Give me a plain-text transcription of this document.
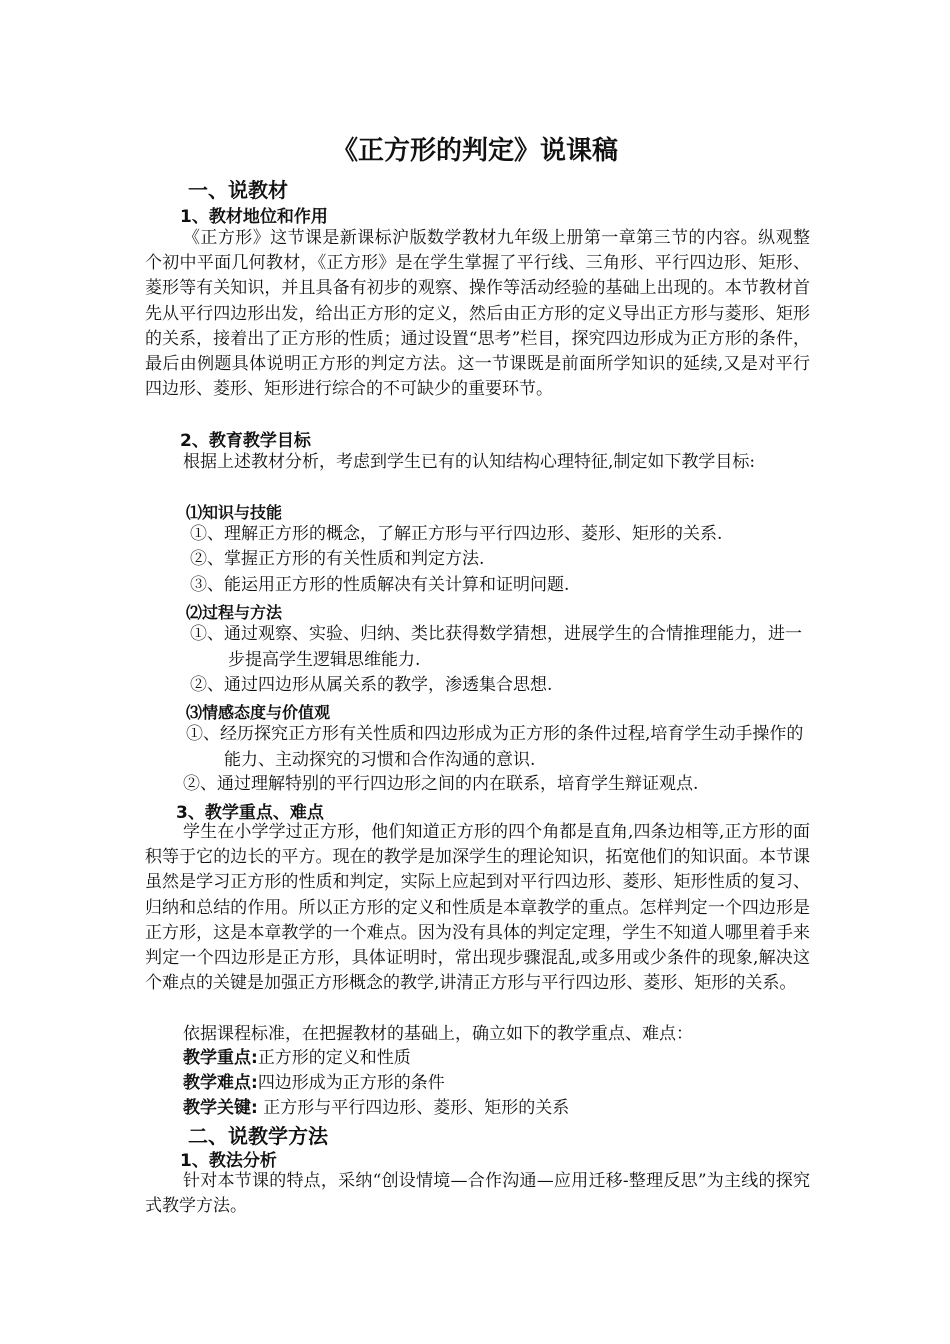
《正方形的判定》说课稿
一、说教材
1、教材地位和作用
《正方形》这节课是新课标沪版数学教材九年级上册第一章第三节的内容。纵观整个初中平面几何教材，《正方形》是在学生掌握了平行线、三角形、平行四边形、矩形、菱形等有关知识，并且具备有初步的观察、操作等活动经验的基础上出现的。本节教材首先从平行四边形出发，给出正方形的定义，然后由正方形的定义导出正方形与菱形、矩形的关系，接着出了正方形的性质；通过设置“思考”栏目，探究四边形成为正方形的条件，最后由例题具体说明正方形的判定方法。这一节课既是前面所学知识的延续,又是对平行四边形、菱形、矩形进行综合的不可缺少的重要环节。
2、教育教学目标
根据上述教材分析，考虑到学生已有的认知结构心理特征,制定如下教学目标:
⑴知识与技能
①、理解正方形的概念，了解正方形与平行四边形、菱形、矩形的关系.
②、掌握正方形的有关性质和判定方法.
③、能运用正方形的性质解决有关计算和证明问题.
⑵过程与方法
①、通过观察、实验、归纳、类比获得数学猜想，进展学生的合情推理能力，进一步提高学生逻辑思维能力.
②、通过四边形从属关系的教学，渗透集合思想.
⑶情感态度与价值观
①、经历探究正方形有关性质和四边形成为正方形的条件过程,培育学生动手操作的能力、主动探究的习惯和合作沟通的意识.
②、通过理解特别的平行四边形之间的内在联系，培育学生辩证观点.
3、教学重点、难点
学生在小学学过正方形，他们知道正方形的四个角都是直角,四条边相等,正方形的面积等于它的边长的平方。现在的教学是加深学生的理论知识，拓宽他们的知识面。本节课虽然是学习正方形的性质和判定，实际上应起到对平行四边形、菱形、矩形性质的复习、归纳和总结的作用。所以正方形的定义和性质是本章教学的重点。怎样判定一个四边形是正方形，这是本章教学的一个难点。因为没有具体的判定定理，学生不知道人哪里着手来判定一个四边形是正方形，具体证明时，常出现步骤混乱,或多用或少条件的现象,解决这个难点的关键是加强正方形概念的教学,讲清正方形与平行四边形、菱形、矩形的关系。
依据课程标准，在把握教材的基础上，确立如下的教学重点、难点：
教学重点:正方形的定义和性质
教学难点:四边形成为正方形的条件
教学关键: 正方形与平行四边形、菱形、矩形的关系
二、说教学方法
1、教法分析
针对本节课的特点，采纳“创设情境—合作沟通—应用迁移-整理反思”为主线的探究式教学方法。
